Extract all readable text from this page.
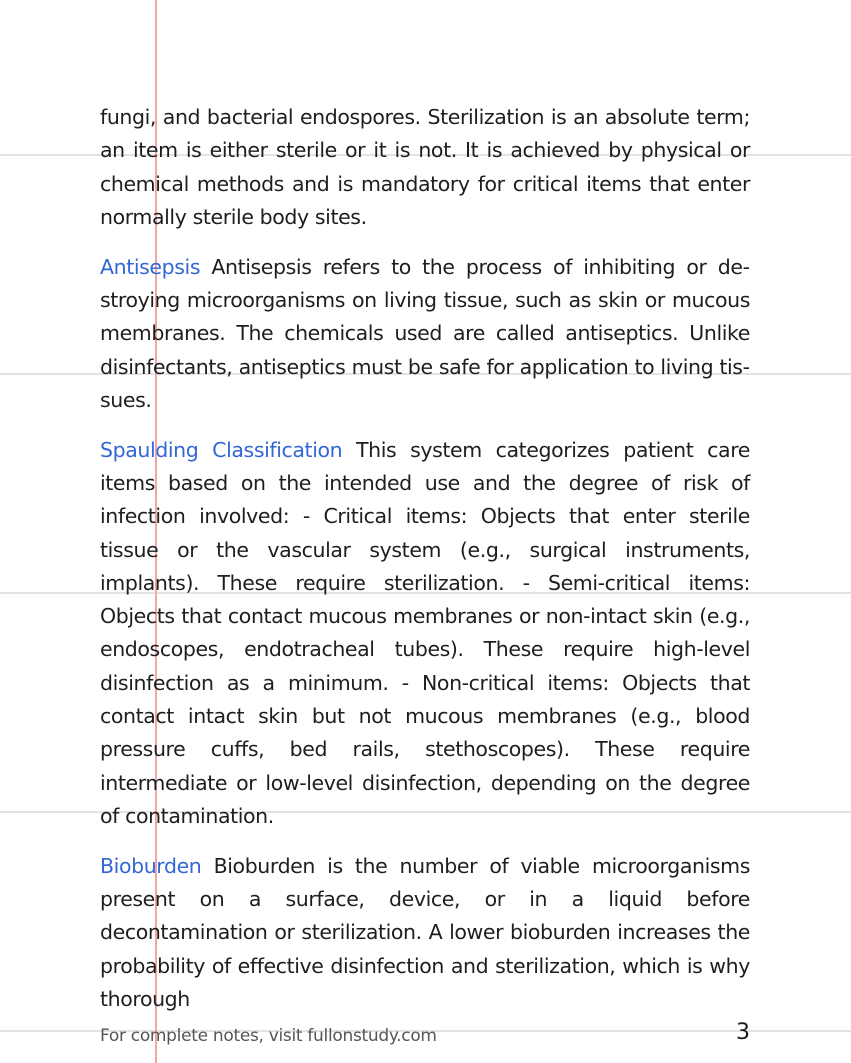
fungi, and bacterial endospores. Sterilization is an absolute term; an item is either sterile or it is not. It is achieved by physical or chemical methods and is mandatory for critical items that enter normally sterile body sites.

Antisepsis Antisepsis refers to the process of inhibiting or destroying microorganisms on living tissue, such as skin or mucous membranes. The chemicals used are called antiseptics. Unlike disinfectants, antiseptics must be safe for application to living tissues.

Spaulding Classification This system categorizes patient care items based on the intended use and the degree of risk of infection involved: - Critical items: Objects that enter sterile tissue or the vascular system (e.g., surgical instruments, implants). These require sterilization. - Semi-critical items: Objects that contact mucous membranes or non-intact skin (e.g., endoscopes, endotracheal tubes). These require high-level disinfection as a minimum. - Non-critical items: Objects that contact intact skin but not mucous membranes (e.g., blood pressure cuffs, bed rails, stethoscopes). These require intermediate or low-level disinfection, depending on the degree of contamination.

Bioburden Bioburden is the number of viable microorganisms present on a surface, device, or in a liquid before decontamination or sterilization. A lower bioburden increases the probability of effective disinfection and sterilization, which is why thorough

For complete notes, visit fullonstudy.com	3
